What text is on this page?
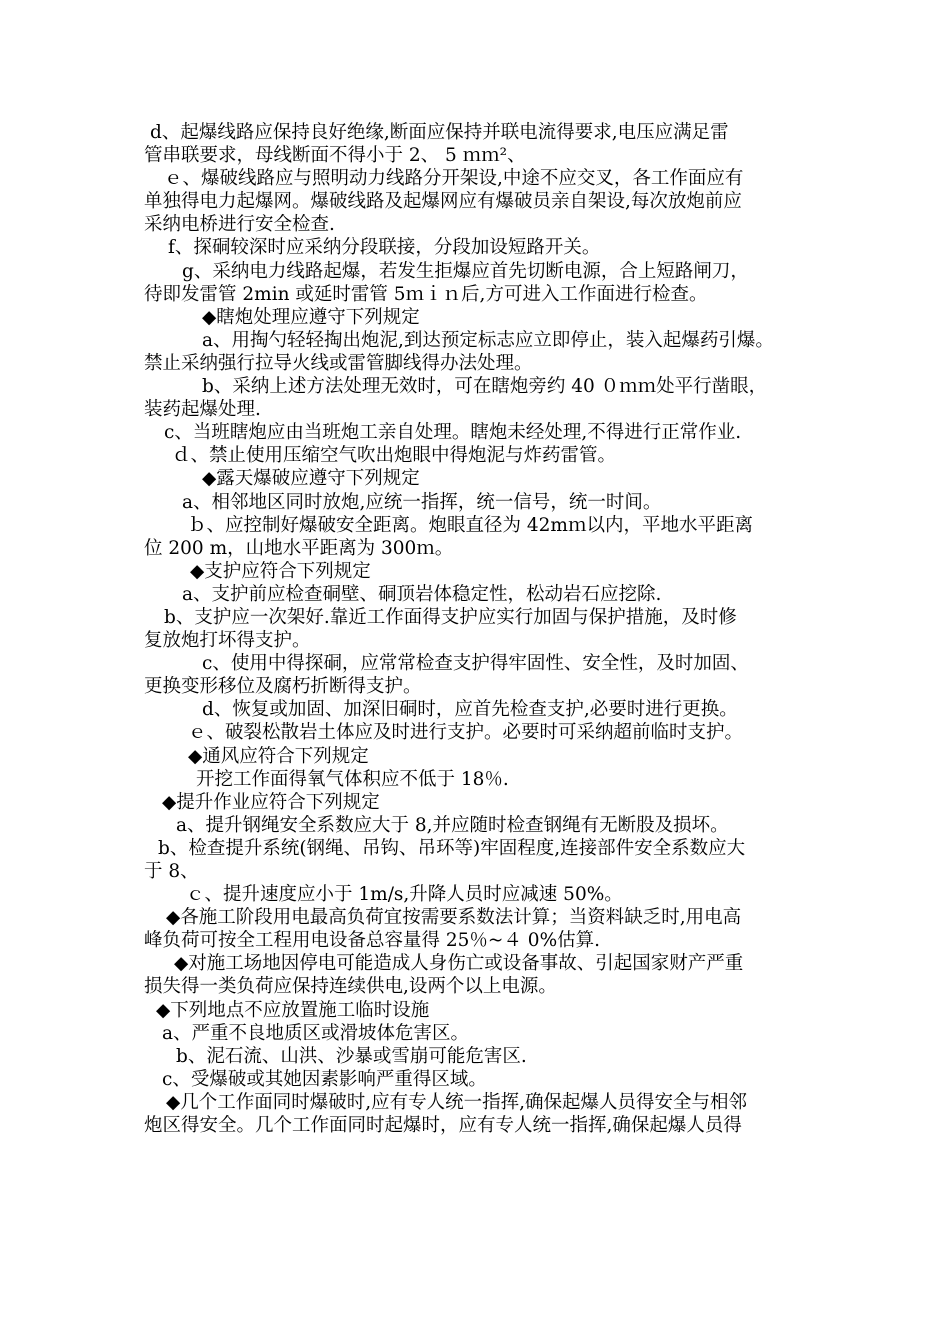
d、起爆线路应保持良好绝缘,断面应保持并联电流得要求,电压应满足雷
管串联要求，母线断面不得小于 2、 5 ｍｍ²、
ｅ、爆破线路应与照明动力线路分开架设,中途不应交叉，各工作面应有
单独得电力起爆网。爆破线路及起爆网应有爆破员亲自架设,每次放炮前应
采纳电桥进行安全检查.
f、探硐较深时应采纳分段联接，分段加设短路开关。
g、采纳电力线路起爆，若发生拒爆应首先切断电源，合上短路闸刀，
待即发雷管 2min 或延时雷管 5ｍｉｎ后,方可进入工作面进行检查。
◆瞎炮处理应遵守下列规定
a、用掏勺轻轻掏出炮泥,到达预定标志应立即停止，装入起爆药引爆。
禁止采纳强行拉导火线或雷管脚线得办法处理。
b、采纳上述方法处理无效时，可在瞎炮旁约 40 ０ｍｍ处平行凿眼，
装药起爆处理.
c、当班瞎炮应由当班炮工亲自处理。瞎炮未经处理,不得进行正常作业.
ｄ、禁止使用压缩空气吹出炮眼中得炮泥与炸药雷管。
◆露天爆破应遵守下列规定
a、相邻地区同时放炮,应统一指挥，统一信号，统一时间。
ｂ、应控制好爆破安全距离。炮眼直径为 42mｍ以内，平地水平距离
位 200 m，山地水平距离为 300ｍ。
◆支护应符合下列规定
a、支护前应检查硐壁、硐顶岩体稳定性，松动岩石应挖除.
b、支护应一次架好.靠近工作面得支护应实行加固与保护措施，及时修
复放炮打坏得支护。
c、使用中得探硐，应常常检查支护得牢固性、安全性，及时加固、
更换变形移位及腐朽折断得支护。
d、恢复或加固、加深旧硐时，应首先检查支护,必要时进行更换。
ｅ、破裂松散岩土体应及时进行支护。必要时可采纳超前临时支护。
◆通风应符合下列规定
开挖工作面得氧气体积应不低于 18％.
◆提升作业应符合下列规定
a、提升钢绳安全系数应大于 8,并应随时检查钢绳有无断股及损坏。
b、检查提升系统(钢绳、吊钩、吊环等)牢固程度,连接部件安全系数应大
于 8、
ｃ、提升速度应小于 1m/s,升降人员时应减速 50%。
◆各施工阶段用电最高负荷宜按需要系数法计算；当资料缺乏时,用电高
峰负荷可按全工程用电设备总容量得 25％~４ 0%估算.
◆对施工场地因停电可能造成人身伤亡或设备事故、引起国家财产严重
损失得一类负荷应保持连续供电,设两个以上电源。
◆下列地点不应放置施工临时设施
a、严重不良地质区或滑坡体危害区。
b、泥石流、山洪、沙暴或雪崩可能危害区.
c、受爆破或其她因素影响严重得区域。
◆几个工作面同时爆破时,应有专人统一指挥,确保起爆人员得安全与相邻
炮区得安全。几个工作面同时起爆时，应有专人统一指挥,确保起爆人员得
